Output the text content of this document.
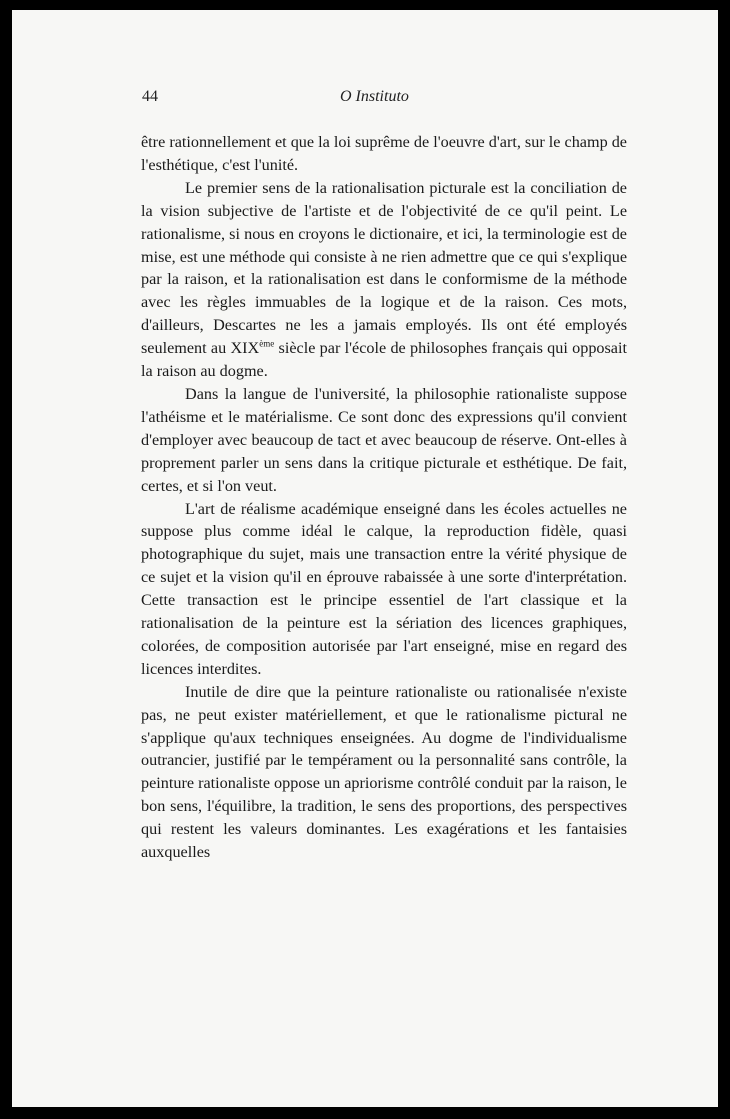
44	O Instituto

être rationnellement et que la loi suprême de l'oeuvre d'art, sur le champ de l'esthétique, c'est l'unité.

Le premier sens de la rationalisation picturale est la conciliation de la vision subjective de l'artiste et de l'objectivité de ce qu'il peint. Le rationalisme, si nous en croyons le dictionaire, et ici, la terminologie est de mise, est une méthode qui consiste à ne rien admettre que ce qui s'explique par la raison, et la rationalisation est dans le conformisme de la méthode avec les règles immuables de la logique et de la raison. Ces mots, d'ailleurs, Descartes ne les a jamais employés. Ils ont été employés seulement au XIXème siècle par l'école de philosophes français qui opposait la raison au dogme.

Dans la langue de l'université, la philosophie rationaliste suppose l'athéisme et le matérialisme. Ce sont donc des expressions qu'il convient d'employer avec beaucoup de tact et avec beaucoup de réserve. Ont-elles à proprement parler un sens dans la critique picturale et esthétique. De fait, certes, et si l'on veut.

L'art de réalisme académique enseigné dans les écoles actuelles ne suppose plus comme idéal le calque, la reproduction fidèle, quasi photographique du sujet, mais une transaction entre la vérité physique de ce sujet et la vision qu'il en éprouve rabaissée à une sorte d'interprétation. Cette transaction est le principe essentiel de l'art classique et la rationalisation de la peinture est la sériation des licences graphiques, colorées, de composition autorisée par l'art enseigné, mise en regard des licences interdites.

Inutile de dire que la peinture rationaliste ou rationalisée n'existe pas, ne peut exister matériellement, et que le rationalisme pictural ne s'applique qu'aux techniques enseignées. Au dogme de l'individualisme outrancier, justifié par le tempérament ou la personnalité sans contrôle, la peinture rationaliste oppose un apriorisme contrôlé conduit par la raison, le bon sens, l'équilibre, la tradition, le sens des proportions, des perspectives qui restent les valeurs dominantes. Les exagérations et les fantaisies auxquelles
